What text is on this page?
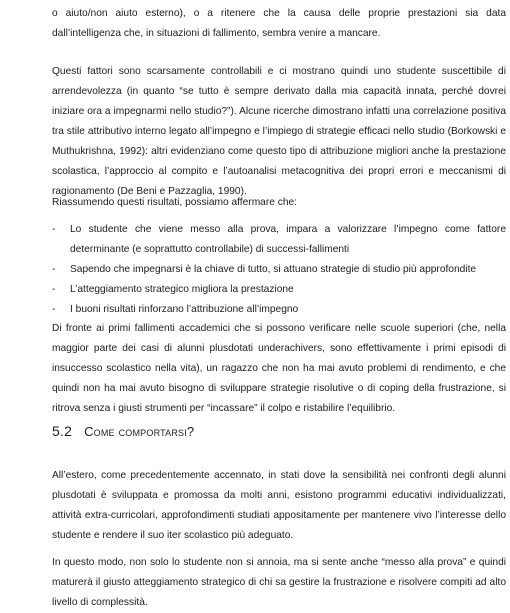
o aiuto/non aiuto esterno), o a ritenere che la causa delle proprie prestazioni sia data dall’intelligenza che, in situazioni di fallimento, sembra venire a mancare.

Questi fattori sono scarsamente controllabili e ci mostrano quindi uno studente suscettibile di arrendevolezza (in quanto “se tutto è sempre derivato dalla mia capacità innata, perché dovrei iniziare ora a impegnarmi nello studio?”). Alcune ricerche dimostrano infatti una correlazione positiva tra stile attributivo interno legato all’impegno e l’impiego di strategie efficaci nello studio (Borkowski e Muthukrishna, 1992): altri evidenziano come questo tipo di attribuzione migliori anche la prestazione scolastica, l’approccio al compito e l’autoanalisi metacognitiva dei propri errori e meccanismi di ragionamento (De Beni e Pazzaglia, 1990).

Riassumendo questi risultati, possiamo affermare che:

- Lo studente che viene messo alla prova, impara a valorizzare l’impegno come fattore determinante (e soprattutto controllabile) di successi-fallimenti
- Sapendo che impegnarsi è la chiave di tutto, si attuano strategie di studio più approfondite
- L’atteggiamento strategico migliora la prestazione
- I buoni risultati rinforzano l’attribuzione all’impegno

Di fronte ai primi fallimenti accademici che si possono verificare nelle scuole superiori (che, nella maggior parte dei casi di alunni plusdotati underachivers, sono effettivamente i primi episodi di insuccesso scolastico nella vita), un ragazzo che non ha mai avuto problemi di rendimento, e che quindi non ha mai avuto bisogno di sviluppare strategie risolutive o di coping della frustrazione, si ritrova senza i giusti strumenti per “incassare” il colpo e ristabilire l’equilibrio.

5.2 Come comportarsi?

All’estero, come precedentemente accennato, in stati dove la sensibilità nei confronti degli alunni plusdotati è sviluppata e promossa da molti anni, esistono programmi educativi individualizzati, attività extra-curricolari, approfondimenti studiati appositamente per mantenere vivo l’interesse dello studente e rendere il suo iter scolastico più adeguato.

In questo modo, non solo lo studente non si annoia, ma si sente anche “messo alla prova” e quindi maturerà il giusto atteggiamento strategico di chi sa gestire la frustrazione e risolvere compiti ad alto livello di complessità.
